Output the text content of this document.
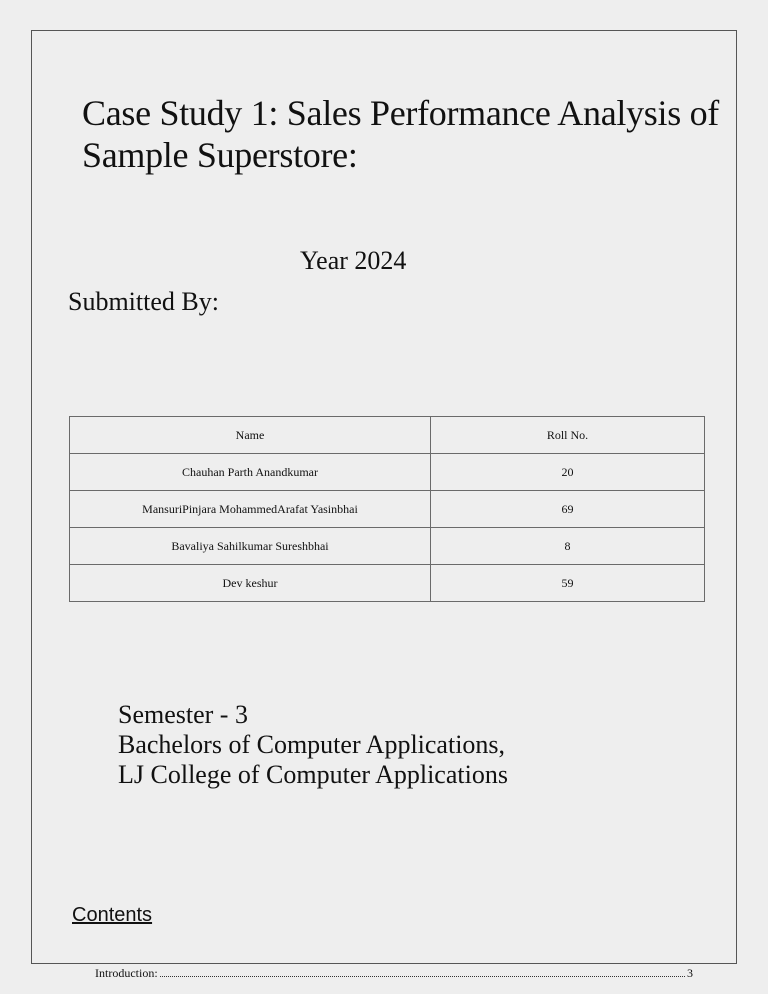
Case Study 1: Sales Performance Analysis of Sample Superstore:
Year 2024
Submitted By:
Name	Roll No.
Chauhan Parth Anandkumar	20
MansuriPinjara MohammedArafat Yasinbhai	69
Bavaliya Sahilkumar Sureshbhai	8
Dev keshur	59
Semester - 3
Bachelors of Computer Applications,
LJ College of Computer Applications
Contents
Introduction:	3
